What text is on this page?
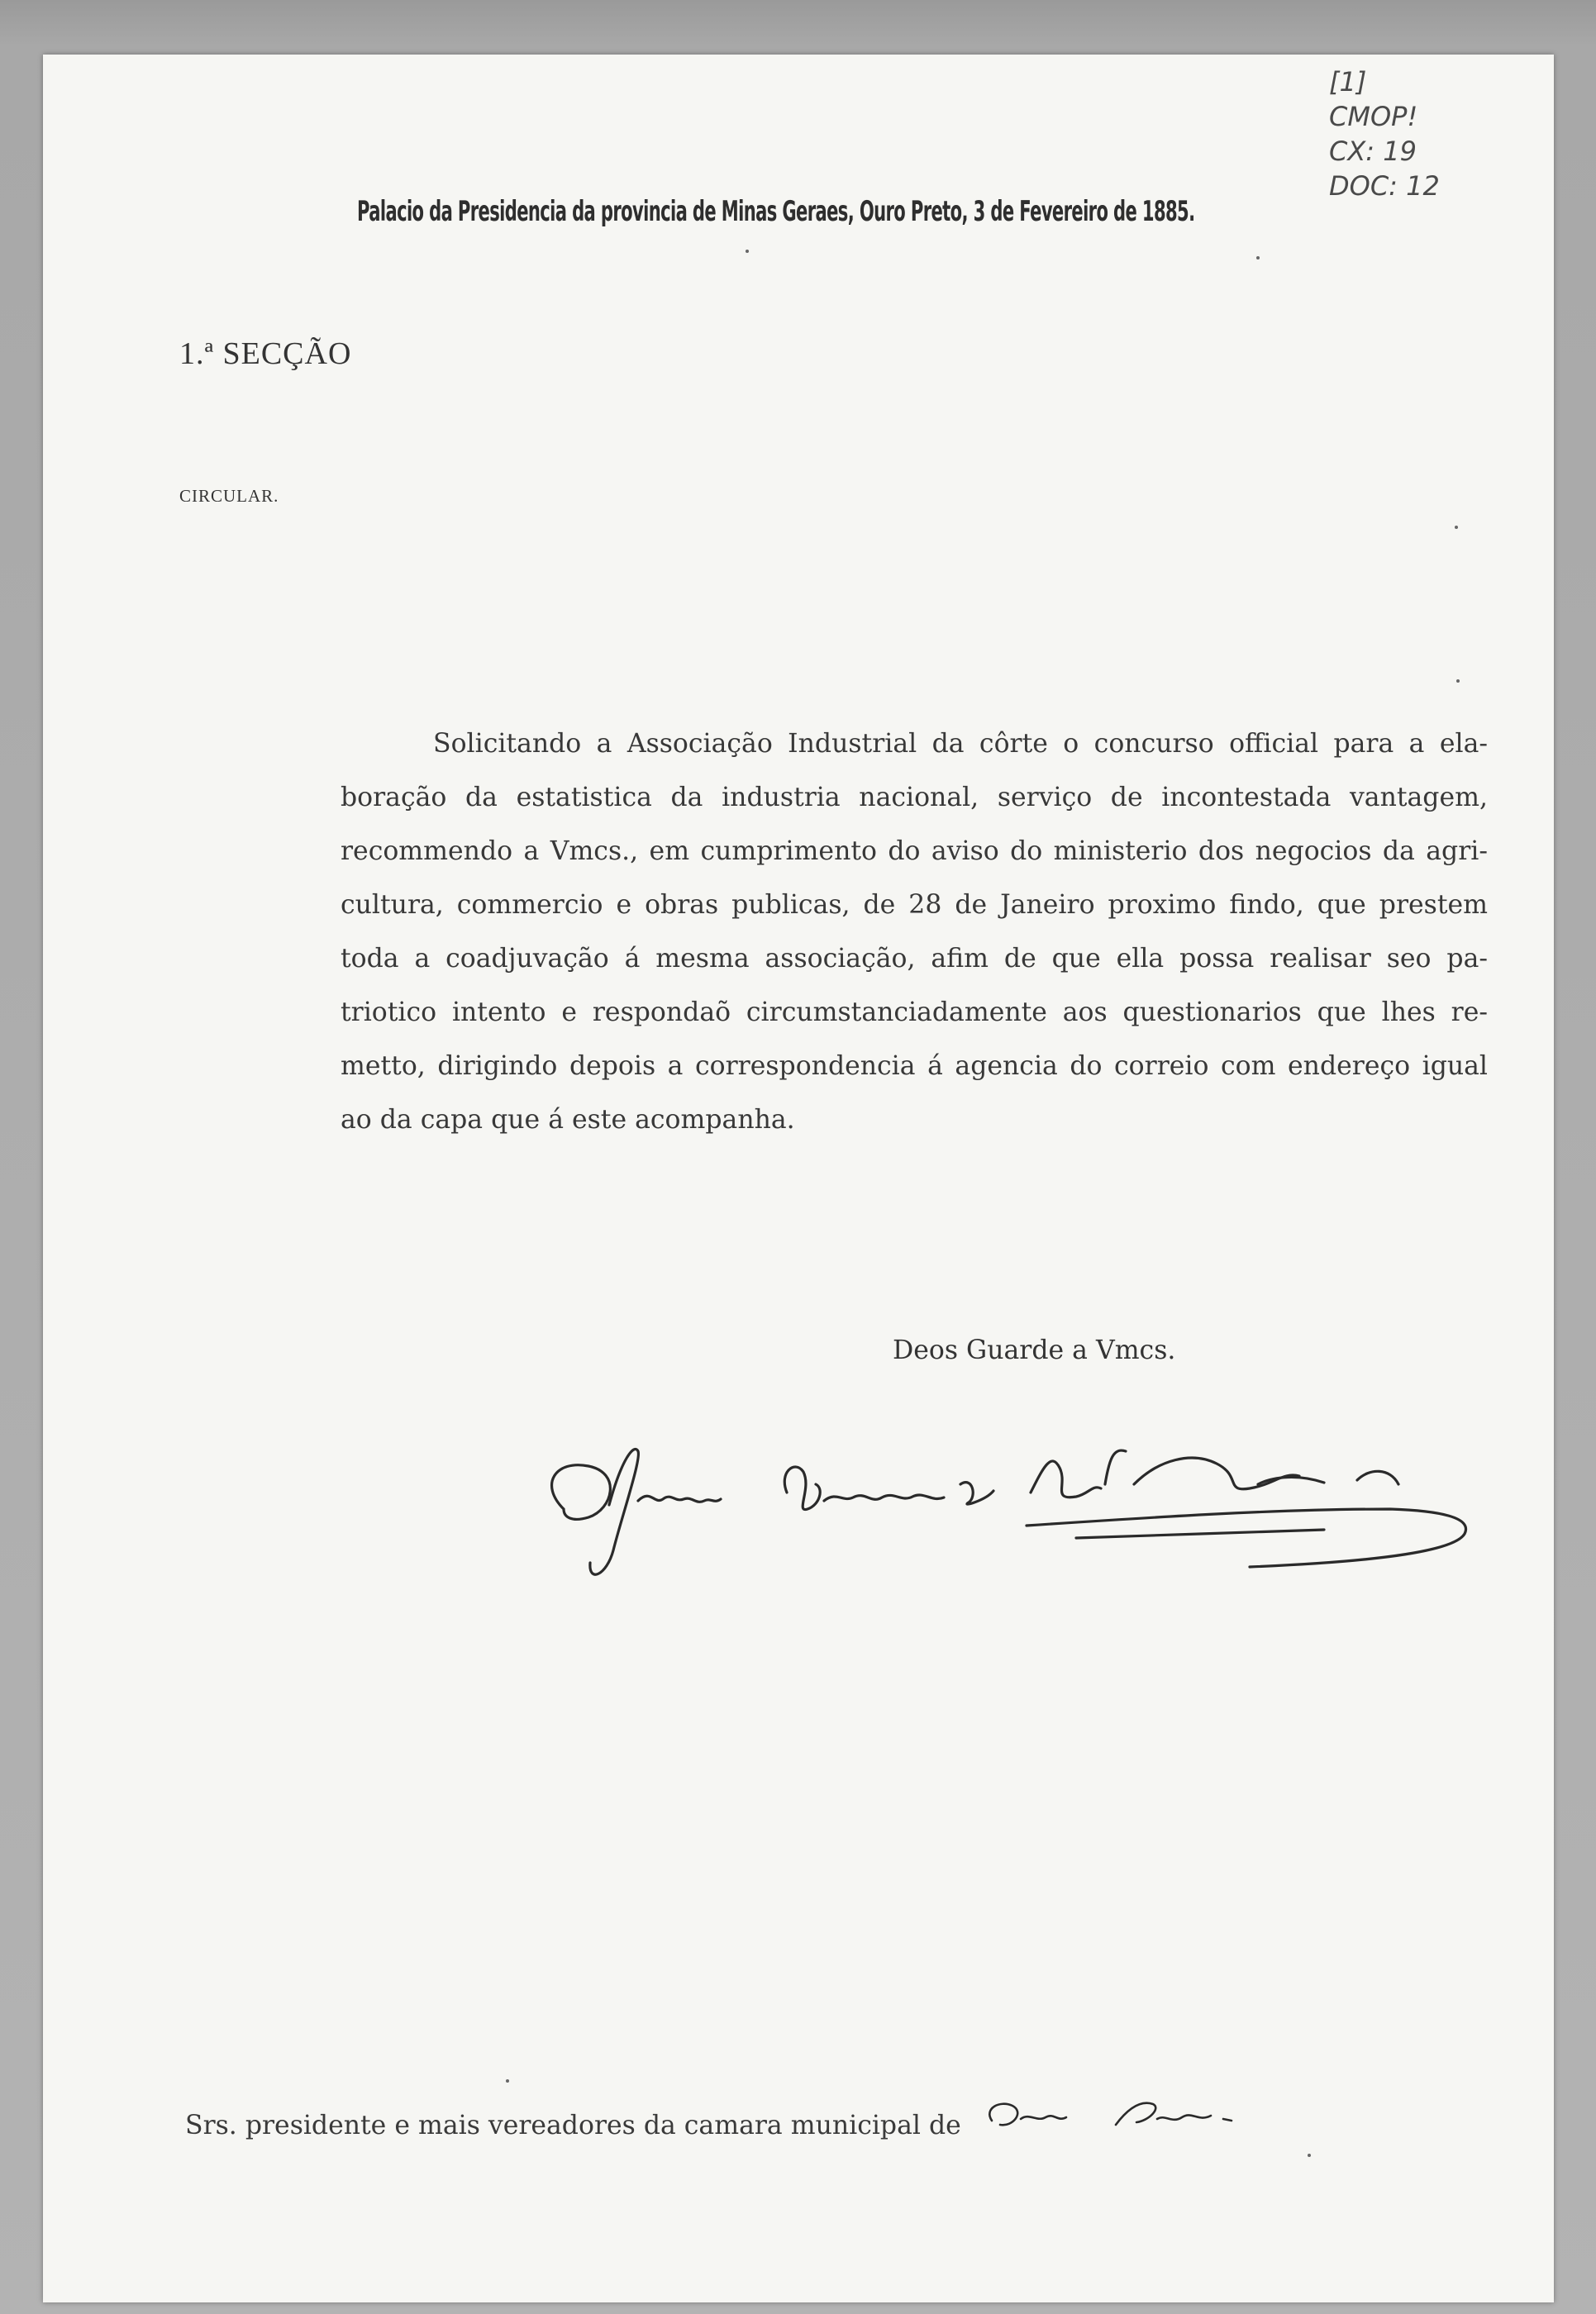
[1]
CMOP!
CX: 19
DOC: 12
Palacio da Presidencia da provincia de Minas Geraes, Ouro Preto, 3 de Fevereiro de 1885.
1.ª SECÇÃO
CIRCULAR.
Solicitando a Associação Industrial da côrte o concurso official para a ela-
boração da estatistica da industria nacional, serviço de incontestada vantagem,
recommendo a Vmcs., em cumprimento do aviso do ministerio dos negocios da agri-
cultura, commercio e obras publicas, de 28 de Janeiro proximo findo, que prestem
toda a coadjuvação á mesma associação, afim de que ella possa realisar seo pa-
triotico intento e respondaõ circumstanciadamente aos questionarios que lhes re-
metto, dirigindo depois a correspondencia á agencia do correio com endereço igual
ao da capa que á este acompanha.
Deos Guarde a Vmcs.
Srs. presidente e mais vereadores da camara municipal de
